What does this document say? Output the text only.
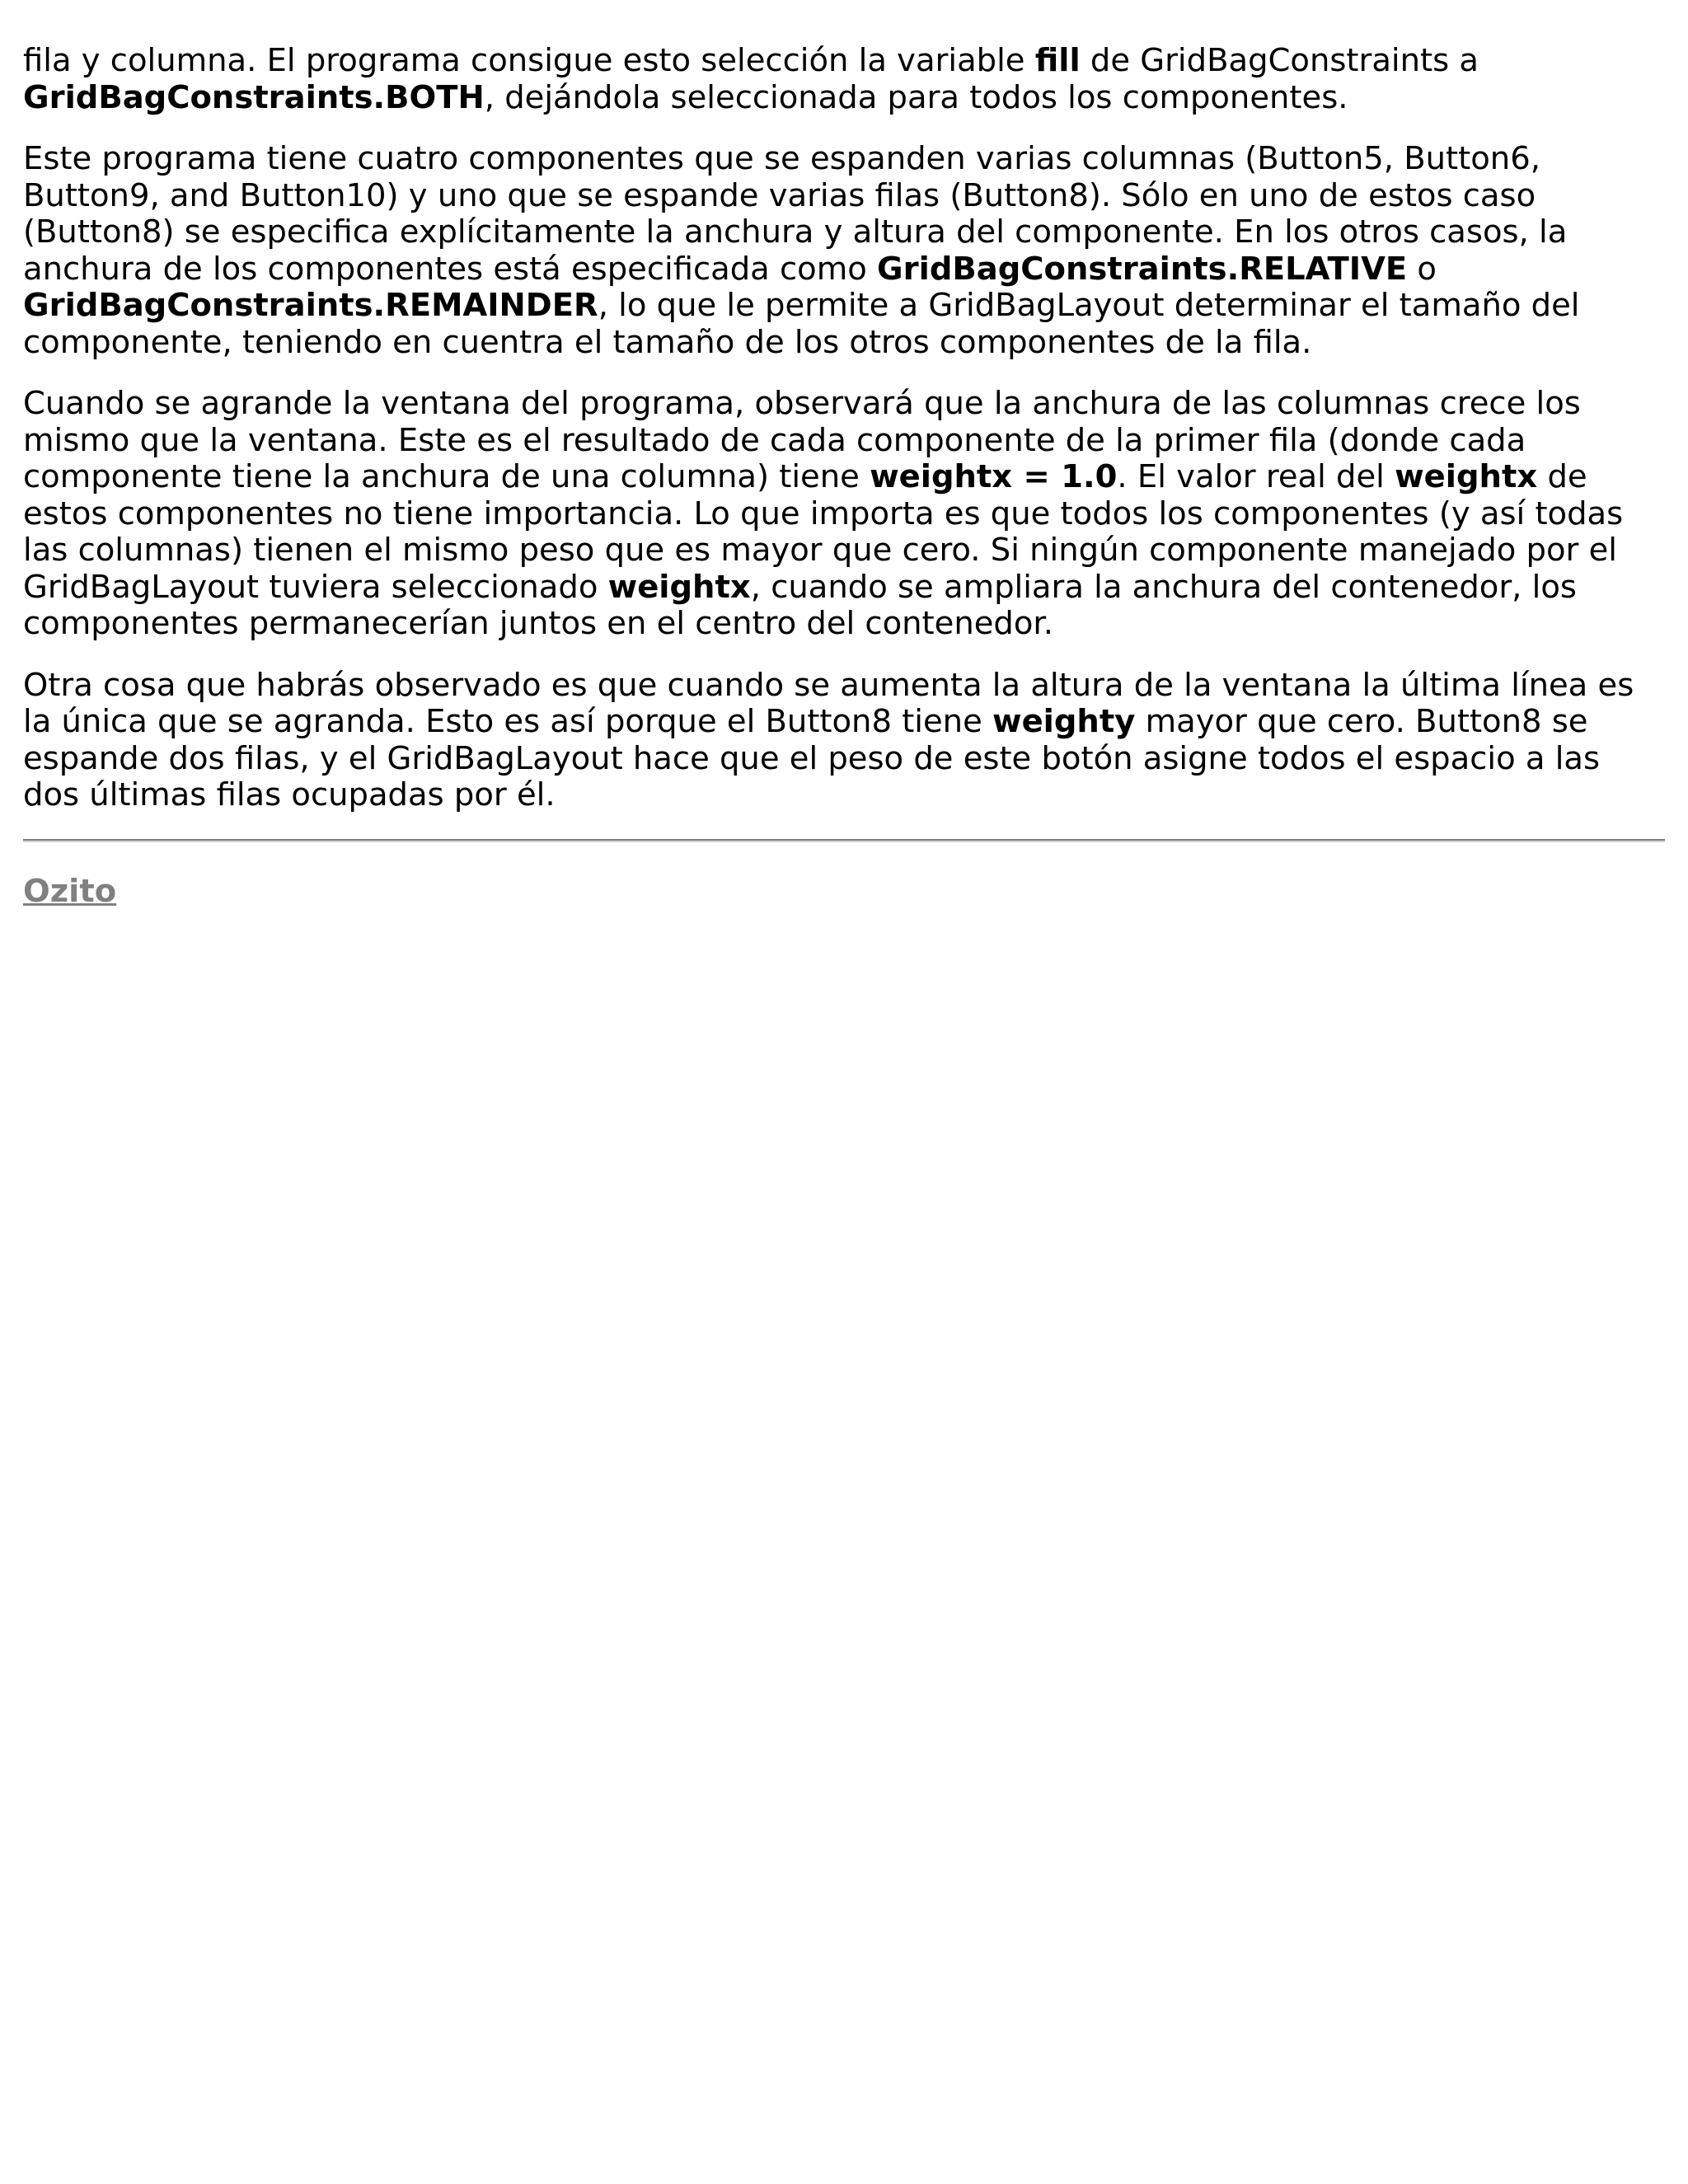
fila y columna. El programa consigue esto selección la variable fill de GridBagConstraints a GridBagConstraints.BOTH, dejándola seleccionada para todos los componentes.

Este programa tiene cuatro componentes que se espanden varias columnas (Button5, Button6, Button9, and Button10) y uno que se espande varias filas (Button8). Sólo en uno de estos caso (Button8) se especifica explícitamente la anchura y altura del componente. En los otros casos, la anchura de los componentes está especificada como GridBagConstraints.RELATIVE o GridBagConstraints.REMAINDER, lo que le permite a GridBagLayout determinar el tamaño del componente, teniendo en cuentra el tamaño de los otros componentes de la fila.

Cuando se agrande la ventana del programa, observará que la anchura de las columnas crece los mismo que la ventana. Este es el resultado de cada componente de la primer fila (donde cada componente tiene la anchura de una columna) tiene weightx = 1.0. El valor real del weightx de estos componentes no tiene importancia. Lo que importa es que todos los componentes (y así todas las columnas) tienen el mismo peso que es mayor que cero. Si ningún componente manejado por el GridBagLayout tuviera seleccionado weightx, cuando se ampliara la anchura del contenedor, los componentes permanecerían juntos en el centro del contenedor.

Otra cosa que habrás observado es que cuando se aumenta la altura de la ventana la última línea es la única que se agranda. Esto es así porque el Button8 tiene weighty mayor que cero. Button8 se espande dos filas, y el GridBagLayout hace que el peso de este botón asigne todos el espacio a las dos últimas filas ocupadas por él.

Ozito
